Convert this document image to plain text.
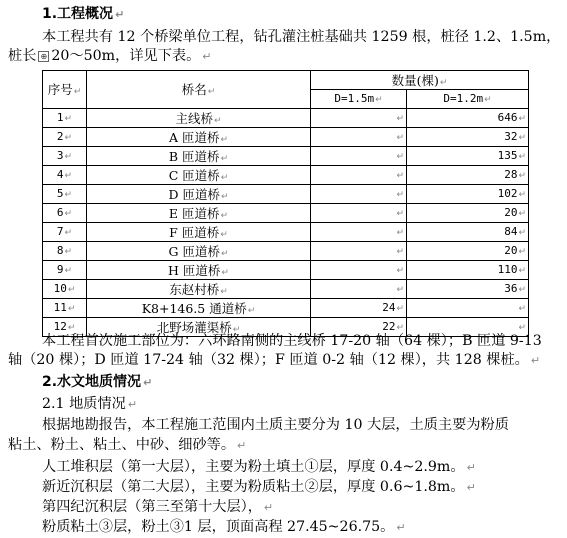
1.工程概况 ↵
本工程共有 12 个桥梁单位工程，钻孔灌注桩基础共 1259 根，桩径 1.2、1.5m，
桩长 ⊕ 20～50m，详见下表。 ↵
序号↵	桥名↵	数量(棵)↵	
		D=1.5m↵	D=1.2m↵
1↵	主线桥↵	↵	646↵
2↵	A 匝道桥↵	↵	32↵
3↵	B 匝道桥↵	↵	135↵
4↵	C 匝道桥↵	↵	28↵
5↵	D 匝道桥↵	↵	102↵
6↵	E 匝道桥↵	↵	20↵
7↵	F 匝道桥↵	↵	84↵
8↵	G 匝道桥↵	↵	20↵
9↵	H 匝道桥↵	↵	110↵
10↵	东赵村桥↵	↵	36↵
11↵	K8+146.5 通道桥↵	24↵	↵
12↵	北野场灌渠桥↵	22↵	↵
本工程首次施工部位为：六环路南侧的主线桥 17-20 轴（64 棵）；B 匝道 9-13
轴（20 棵）；D 匝道 17-24 轴（32 棵）；F 匝道 0-2 轴（12 棵），共 128 棵桩。 ↵
2.水文地质情况 ↵
2.1 地质情况 ↵
根据地勘报告，本工程施工范围内土质主要分为 10 大层，土质主要为粉质
粘土、粉土、粘土、中砂、细砂等。 ↵
人工堆积层（第一大层），主要为粉土填土①层，厚度 0.4~2.9m。 ↵
新近沉积层（第二大层），主要为粉质粘土②层，厚度 0.6~1.8m。 ↵
第四纪沉积层（第三至第十大层）， ↵
粉质粘土③层，粉土③1 层，顶面高程 27.45~26.75。 ↵
